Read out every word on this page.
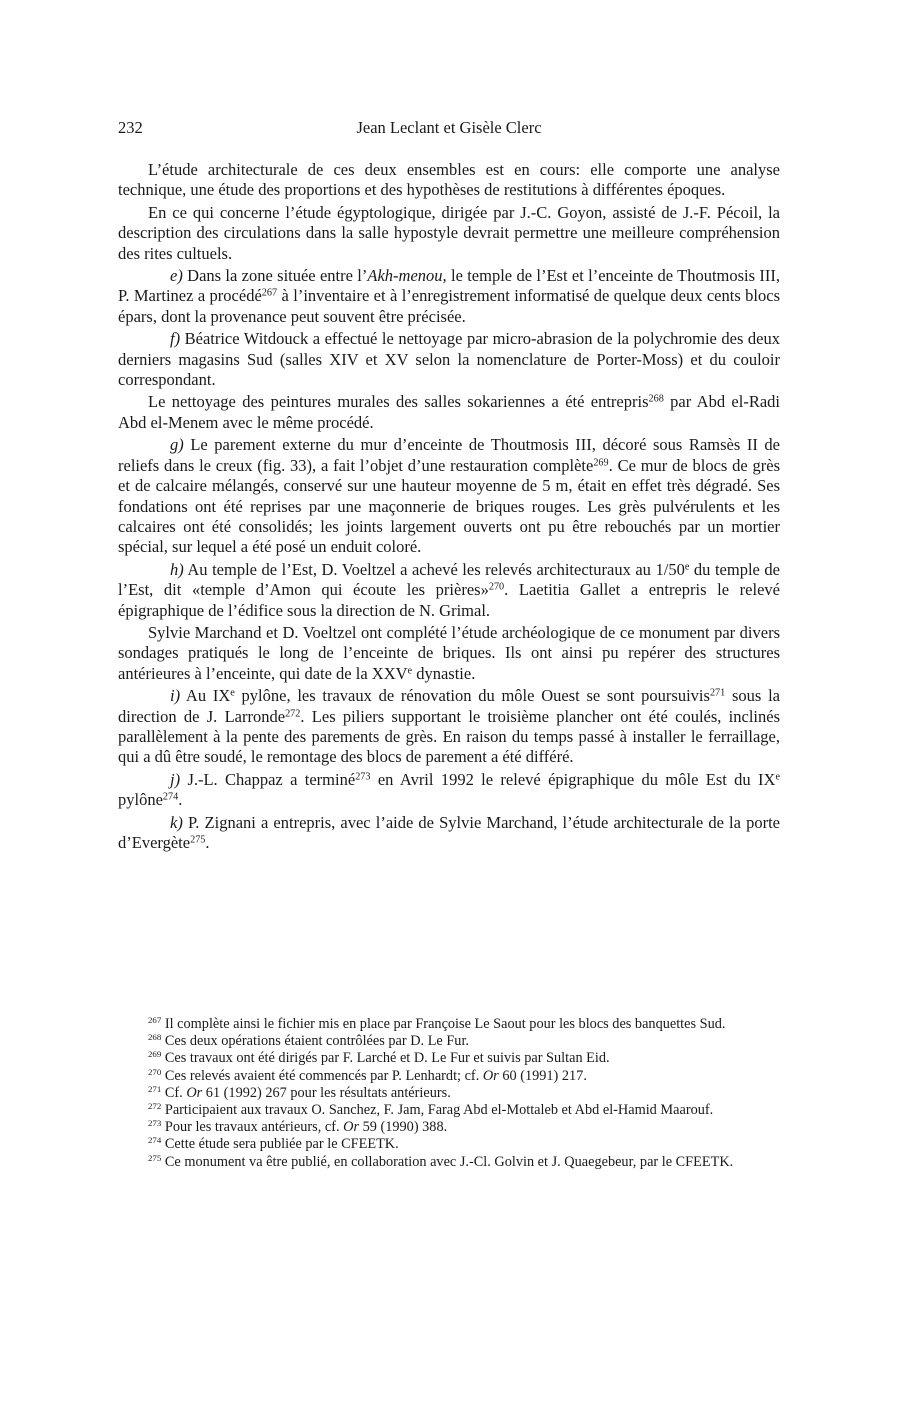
232	Jean Leclant et Gisèle Clerc

L’étude architecturale de ces deux ensembles est en cours: elle comporte une analyse technique, une étude des proportions et des hypothèses de restitutions à différentes époques.

En ce qui concerne l’étude égyptologique, dirigée par J.-C. Goyon, assisté de J.-F. Pécoil, la description des circulations dans la salle hypostyle devrait permettre une meilleure compréhension des rites cultuels.

e) Dans la zone située entre l’Akh-menou, le temple de l’Est et l’enceinte de Thoutmosis III, P. Martinez a procédé$^{267}$ à l’inventaire et à l’enregistrement informatisé de quelque deux cents blocs épars, dont la provenance peut souvent être précisée.

f) Béatrice Witdouck a effectué le nettoyage par micro-abrasion de la polychromie des deux derniers magasins Sud (salles XIV et XV selon la nomenclature de Porter-Moss) et du couloir correspondant.

Le nettoyage des peintures murales des salles sokariennes a été entrepris$^{268}$ par Abd el-Radi Abd el-Menem avec le même procédé.

g) Le parement externe du mur d’enceinte de Thoutmosis III, décoré sous Ramsès II de reliefs dans le creux (fig. 33), a fait l’objet d’une restauration complète$^{269}$. Ce mur de blocs de grès et de calcaire mélangés, conservé sur une hauteur moyenne de 5 m, était en effet très dégradé. Ses fondations ont été reprises par une maçonnerie de briques rouges. Les grès pulvérulents et les calcaires ont été consolidés; les joints largement ouverts ont pu être rebouchés par un mortier spécial, sur lequel a été posé un enduit coloré.

h) Au temple de l’Est, D. Voeltzel a achevé les relevés architecturaux au 1/50e du temple de l’Est, dit «temple d’Amon qui écoute les prières»$^{270}$. Laetitia Gallet a entrepris le relevé épigraphique de l’édifice sous la direction de N. Grimal.

Sylvie Marchand et D. Voeltzel ont complété l’étude archéologique de ce monument par divers sondages pratiqués le long de l’enceinte de briques. Ils ont ainsi pu repérer des structures antérieures à l’enceinte, qui date de la XXVe dynastie.

i) Au IXe pylône, les travaux de rénovation du môle Ouest se sont poursuivis$^{271}$ sous la direction de J. Larronde$^{272}$. Les piliers supportant le troisième plancher ont été coulés, inclinés parallèlement à la pente des parements de grès. En raison du temps passé à installer le ferraillage, qui a dû être soudé, le remontage des blocs de parement a été différé.

j) J.-L. Chappaz a terminé$^{273}$ en Avril 1992 le relevé épigraphique du môle Est du IXe pylône$^{274}$.

k) P. Zignani a entrepris, avec l’aide de Sylvie Marchand, l’étude architecturale de la porte d’Evergète$^{275}$.

$^{267}$ Il complète ainsi le fichier mis en place par Françoise Le Saout pour les blocs des banquettes Sud.

$^{268}$ Ces deux opérations étaient contrôlées par D. Le Fur.

$^{269}$ Ces travaux ont été dirigés par F. Larché et D. Le Fur et suivis par Sultan Eid.

$^{270}$ Ces relevés avaient été commencés par P. Lenhardt; cf. Or 60 (1991) 217.

$^{271}$ Cf. Or 61 (1992) 267 pour les résultats antérieurs.

$^{272}$ Participaient aux travaux O. Sanchez, F. Jam, Farag Abd el-Mottaleb et Abd el-Hamid Maarouf.

$^{273}$ Pour les travaux antérieurs, cf. Or 59 (1990) 388.

$^{274}$ Cette étude sera publiée par le CFEETK.

$^{275}$ Ce monument va être publié, en collaboration avec J.-Cl. Golvin et J. Quaegebeur, par le CFEETK.
